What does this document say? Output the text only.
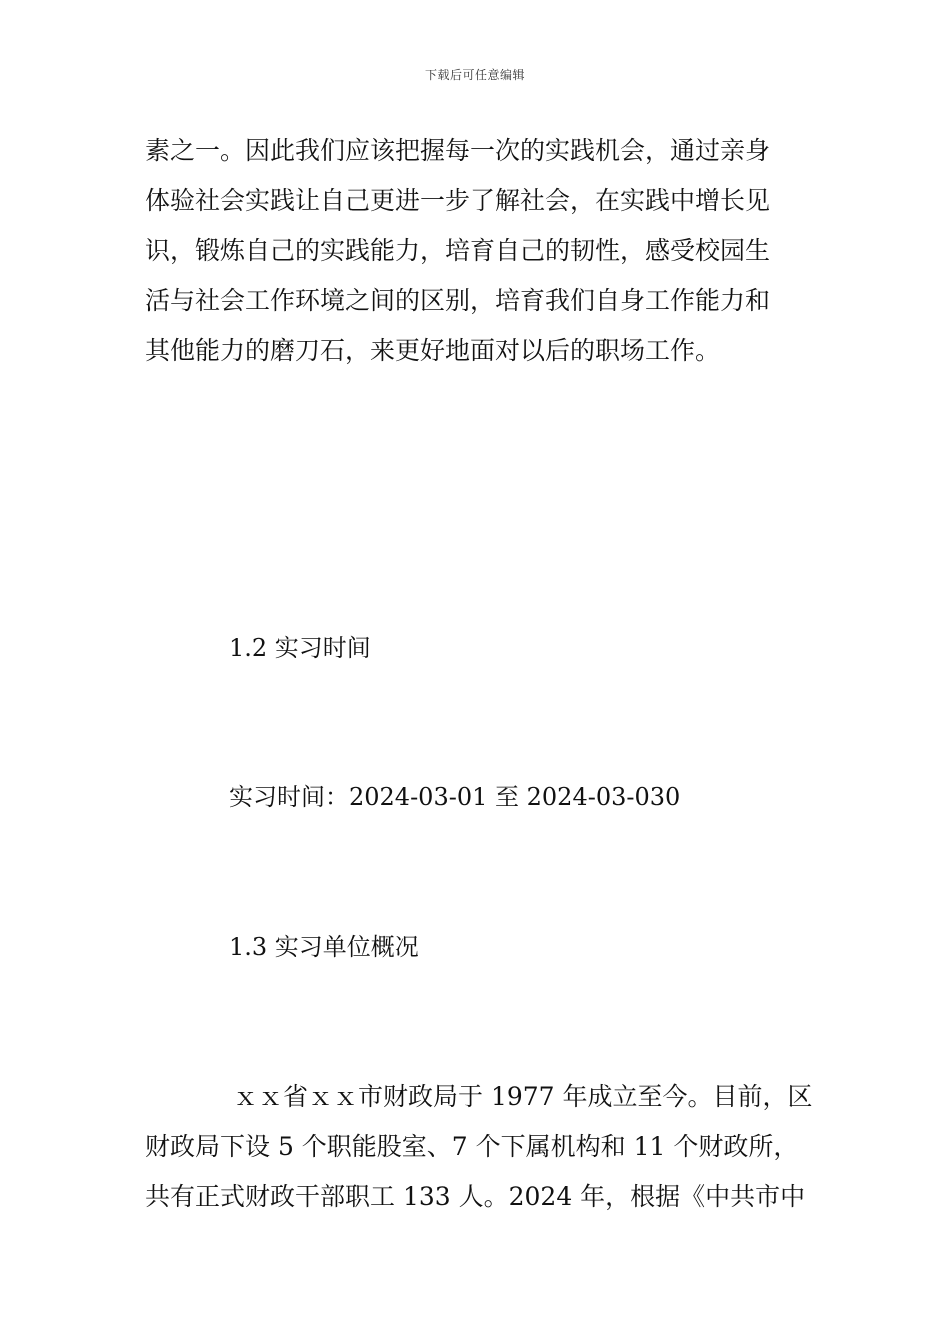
下载后可任意编辑

素之一。因此我们应该把握每一次的实践机会，通过亲身
体验社会实践让自己更进一步了解社会，在实践中增长见
识，锻炼自己的实践能力，培育自己的韧性，感受校园生
活与社会工作环境之间的区别，培育我们自身工作能力和
其他能力的磨刀石，来更好地面对以后的职场工作。

1.2 实习时间
实习时间：2024-03-01 至 2024-03-030
1.3 实习单位概况

ｘｘ省ｘｘ市财政局于 1977 年成立至今。目前，区
财政局下设 5 个职能股室、7 个下属机构和 11 个财政所，
共有正式财政干部职工 133 人。2024 年，根据《中共市中
